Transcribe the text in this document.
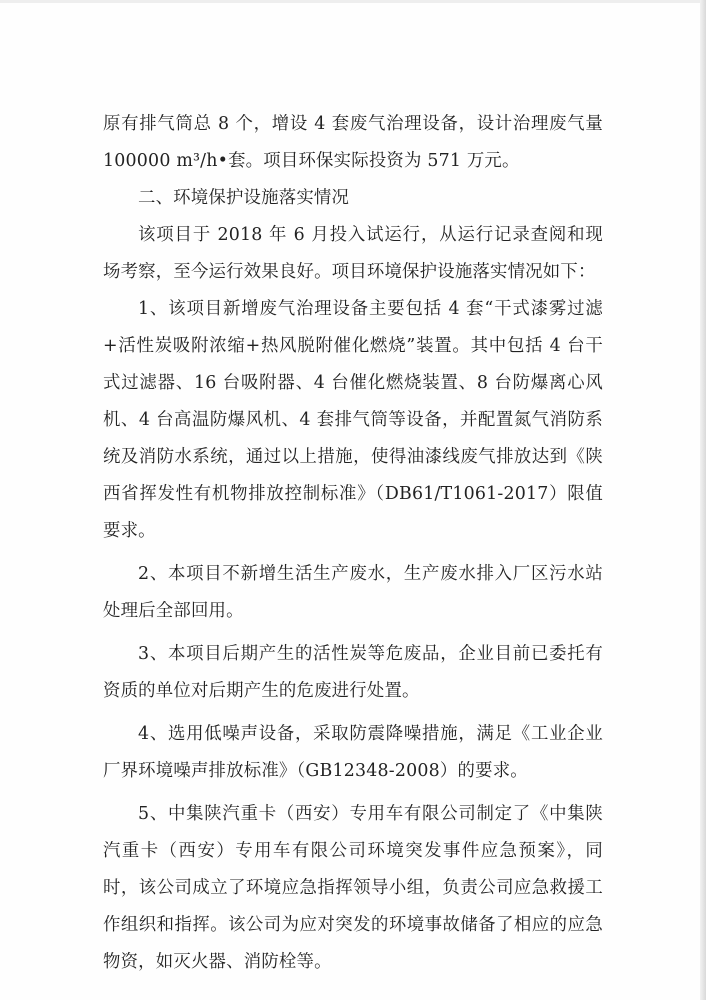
原有排气筒总 8 个，增设 4 套废气治理设备，设计治理废气量 100000 m³/h•套。项目环保实际投资为 571 万元。

二、环境保护设施落实情况

该项目于 2018 年 6 月投入试运行，从运行记录查阅和现场考察，至今运行效果良好。项目环境保护设施落实情况如下：

1、该项目新增废气治理设备主要包括 4 套“干式漆雾过滤+活性炭吸附浓缩+热风脱附催化燃烧”装置。其中包括 4 台干式过滤器、16 台吸附器、4 台催化燃烧装置、8 台防爆离心风机、4 台高温防爆风机、4 套排气筒等设备，并配置氮气消防系统及消防水系统，通过以上措施，使得油漆线废气排放达到《陕西省挥发性有机物排放控制标准》（DB61/T1061-2017）限值要求。

2、本项目不新增生活生产废水，生产废水排入厂区污水站处理后全部回用。

3、本项目后期产生的活性炭等危废品，企业目前已委托有资质的单位对后期产生的危废进行处置。

4、选用低噪声设备，采取防震降噪措施，满足《工业企业厂界环境噪声排放标准》（GB12348-2008）的要求。

5、中集陕汽重卡（西安）专用车有限公司制定了《中集陕汽重卡（西安）专用车有限公司环境突发事件应急预案》，同时，该公司成立了环境应急指挥领导小组，负责公司应急救援工作组织和指挥。该公司为应对突发的环境事故储备了相应的应急物资，如灭火器、消防栓等。
